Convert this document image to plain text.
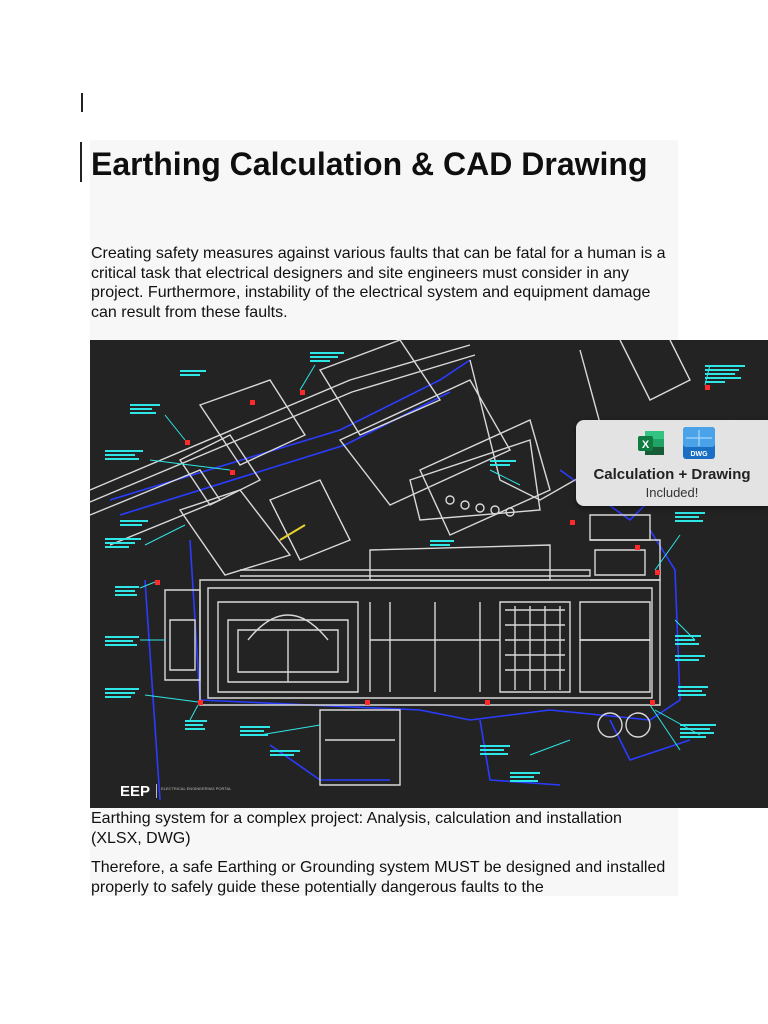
Earthing Calculation & CAD Drawing

Creating safety measures against various faults that can be fatal for a human is a critical task that electrical designers and site engineers must consider in any project. Furthermore, instability of the electrical system and equipment damage can result from these faults.

EEP	ELECTRICAL ENGINEERING PORTAL
X
DWG
Calculation + Drawing
Included!

Earthing system for a complex project: Analysis, calculation and installation (XLSX, DWG)

Therefore, a safe Earthing or Grounding system MUST be designed and installed properly to safely guide these potentially dangerous faults to the
